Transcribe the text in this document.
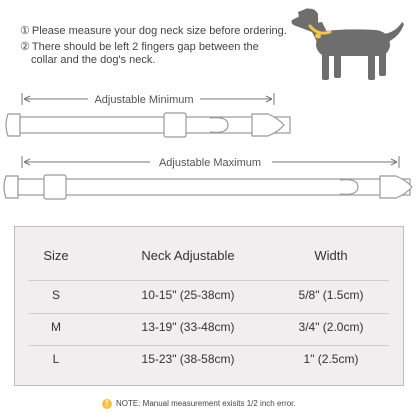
① Please measure your dog neck size before ordering.
② There should be left 2 fingers gap between the
collar and the dog's neck.
Adjustable Minimum
Adjustable Maximum
Size	Neck Adjustable	Width
S	10-15" (25-38cm)	5/8" (1.5cm)
M	13-19" (33-48cm)	3/4" (2.0cm)
L	15-23" (38-58cm)	1" (2.5cm)
! NOTE: Manual measurement exisits 1/2 inch error.
